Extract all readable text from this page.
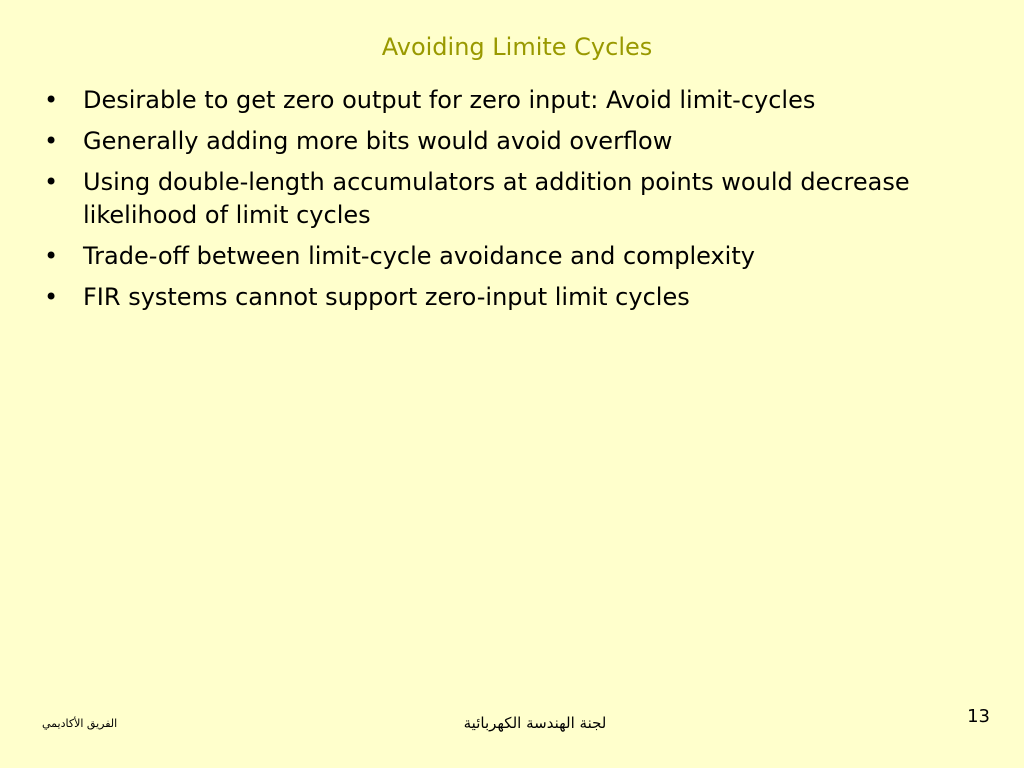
Avoiding Limite Cycles
•	Desirable to get zero output for zero input: Avoid limit-cycles
•	Generally adding more bits would avoid overflow
•	Using double-length accumulators at addition points would decrease likelihood of limit cycles
•	Trade-off between limit-cycle avoidance and complexity
•	FIR systems cannot support zero-input limit cycles
الفريق الأكاديمي	لجنة الهندسة الكهربائية	13
